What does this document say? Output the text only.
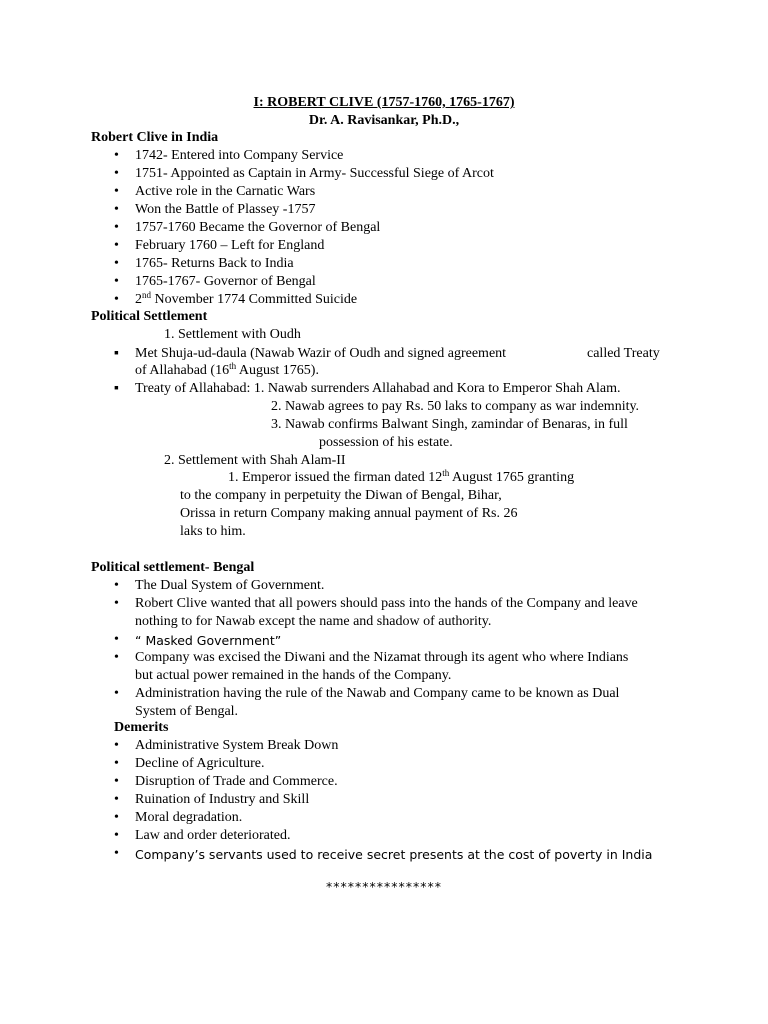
I: ROBERT CLIVE (1757-1760, 1765-1767)
Dr. A. Ravisankar, Ph.D.,
Robert Clive in India
• 1742- Entered into Company Service
• 1751- Appointed as Captain in Army- Successful Siege of Arcot
• Active role in the Carnatic Wars
• Won the Battle of Plassey -1757
• 1757-1760 Became the Governor of Bengal
• February 1760 – Left for England
• 1765- Returns Back to India
• 1765-1767- Governor of Bengal
• 2nd November 1774 Committed Suicide
Political Settlement
1. Settlement with Oudh
▪ Met Shuja-ud-daula (Nawab Wazir of Oudh and signed agreement	called Treaty
of Allahabad (16th August 1765).
▪ Treaty of Allahabad: 1. Nawab surrenders Allahabad and Kora to Emperor Shah Alam.
2. Nawab agrees to pay Rs. 50 laks to company as war indemnity.
3. Nawab confirms Balwant Singh, zamindar of Benaras, in full
possession of his estate.
2. Settlement with Shah Alam-II
1. Emperor issued the firman dated 12th August 1765 granting
to the company in perpetuity the Diwan of Bengal, Bihar,
Orissa in return Company making annual payment of Rs. 26
laks to him.
Political settlement- Bengal
• The Dual System of Government.
• Robert Clive wanted that all powers should pass into the hands of the Company and leave
nothing to for Nawab except the name and shadow of authority.
• “ Masked Government”
• Company was excised the Diwani and the Nizamat through its agent who where Indians
but actual power remained in the hands of the Company.
• Administration having the rule of the Nawab and Company came to be known as Dual
System of Bengal.
Demerits
• Administrative System Break Down
• Decline of Agriculture.
• Disruption of Trade and Commerce.
• Ruination of Industry and Skill
• Moral degradation.
• Law and order deteriorated.
• Company’s servants used to receive secret presents at the cost of poverty in India
****************
